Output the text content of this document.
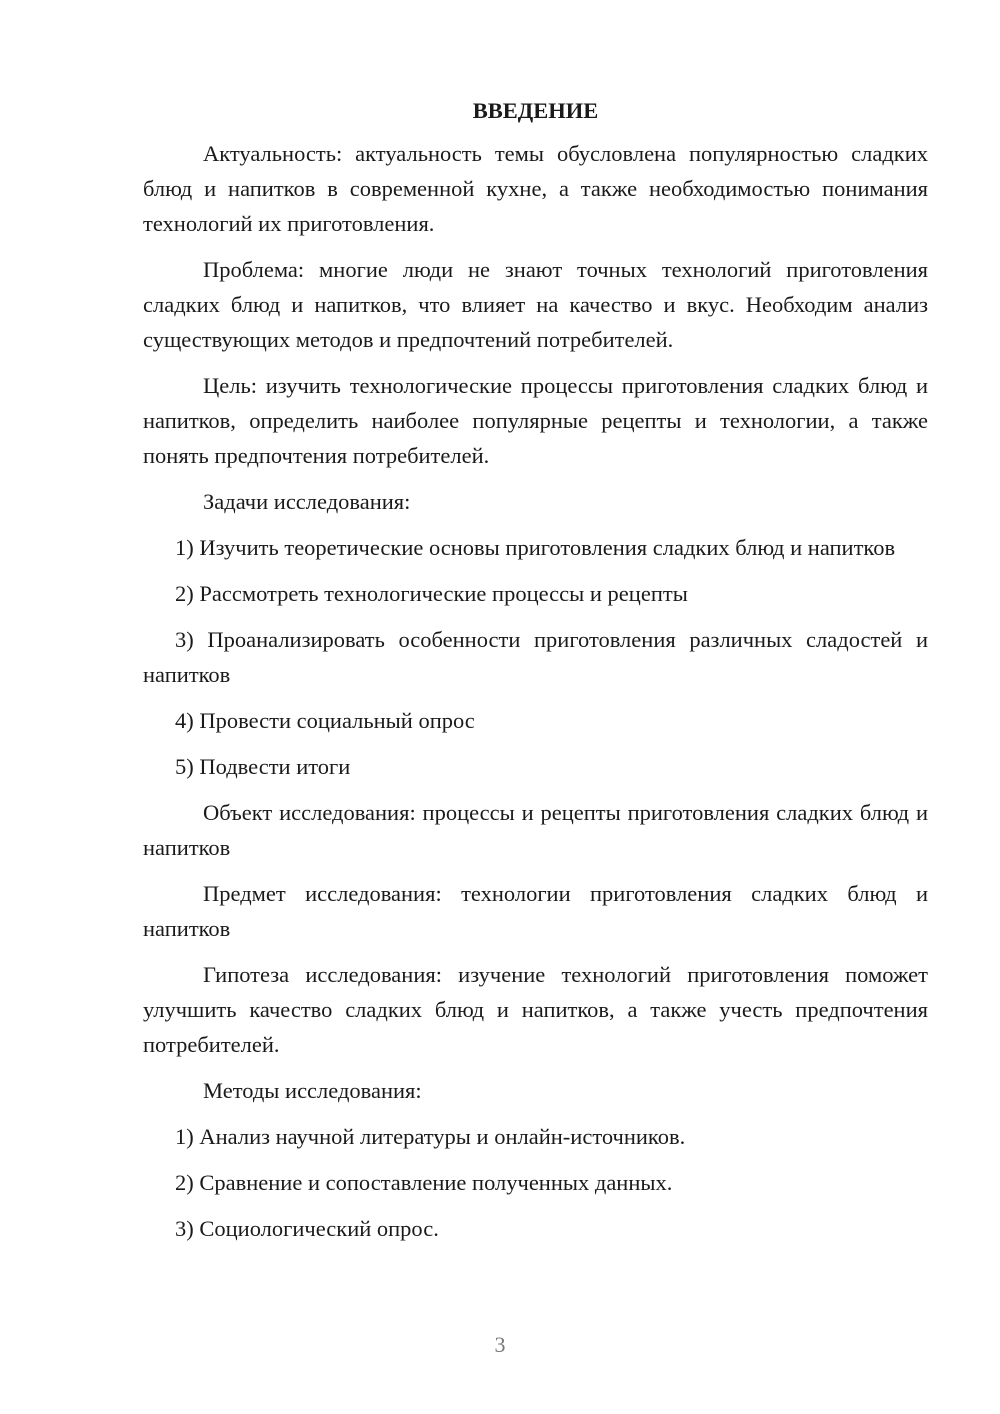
ВВЕДЕНИЕ

Актуальность: актуальность темы обусловлена популярностью сладких блюд и напитков в современной кухне, а также необходимостью понимания технологий их приготовления.

Проблема: многие люди не знают точных технологий приготовления сладких блюд и напитков, что влияет на качество и вкус. Необходим анализ существующих методов и предпочтений потребителей.

Цель: изучить технологические процессы приготовления сладких блюд и напитков, определить наиболее популярные рецепты и технологии, а также понять предпочтения потребителей.

Задачи исследования:

1) Изучить теоретические основы приготовления сладких блюд и напитков

2) Рассмотреть технологические процессы и рецепты

3) Проанализировать особенности приготовления различных сладостей и напитков

4) Провести социальный опрос

5) Подвести итоги

Объект исследования: процессы и рецепты приготовления сладких блюд и напитков

Предмет исследования: технологии приготовления сладких блюд и напитков

Гипотеза исследования: изучение технологий приготовления поможет улучшить качество сладких блюд и напитков, а также учесть предпочтения потребителей.

Методы исследования:

1) Анализ научной литературы и онлайн-источников.

2) Сравнение и сопоставление полученных данных.

3) Социологический опрос.

3
